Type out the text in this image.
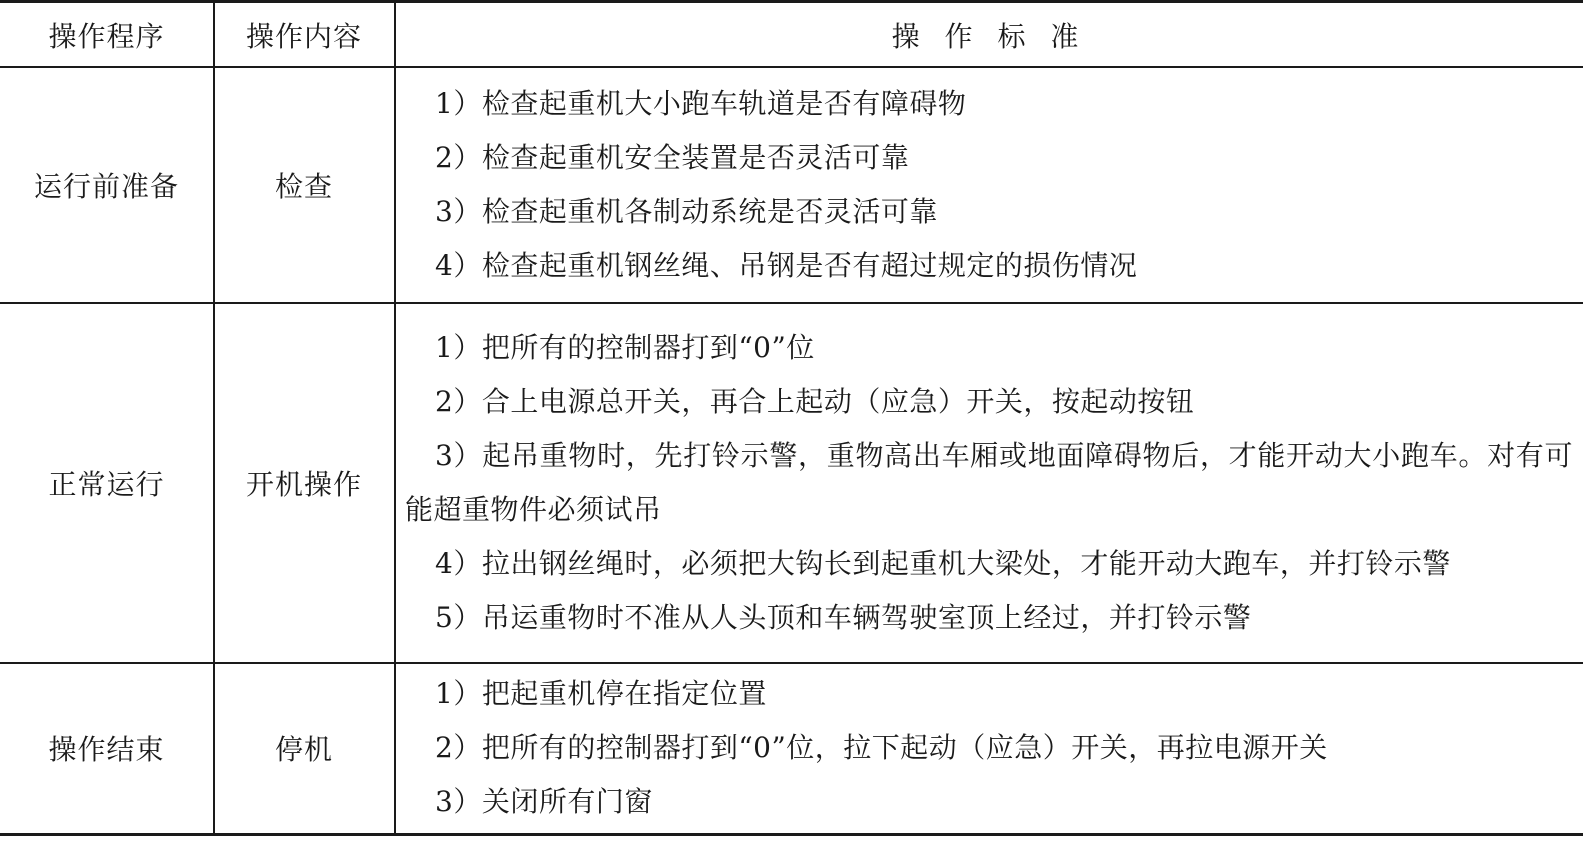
操作程序	操作内容	操 作 标 准
运行前准备	检查
1）检查起重机大小跑车轨道是否有障碍物
2）检查起重机安全装置是否灵活可靠
3）检查起重机各制动系统是否灵活可靠
4）检查起重机钢丝绳、吊钢是否有超过规定的损伤情况
正常运行	开机操作
1）把所有的控制器打到“0”位
2）合上电源总开关，再合上起动（应急）开关，按起动按钮
3）起吊重物时，先打铃示警，重物高出车厢或地面障碍物后，才能开动大小跑车。对有可能超重物件必须试吊
4）拉出钢丝绳时，必须把大钩长到起重机大梁处，才能开动大跑车，并打铃示警
5）吊运重物时不准从人头顶和车辆驾驶室顶上经过，并打铃示警
操作结束	停机
1）把起重机停在指定位置
2）把所有的控制器打到“0”位，拉下起动（应急）开关，再拉电源开关
3）关闭所有门窗
